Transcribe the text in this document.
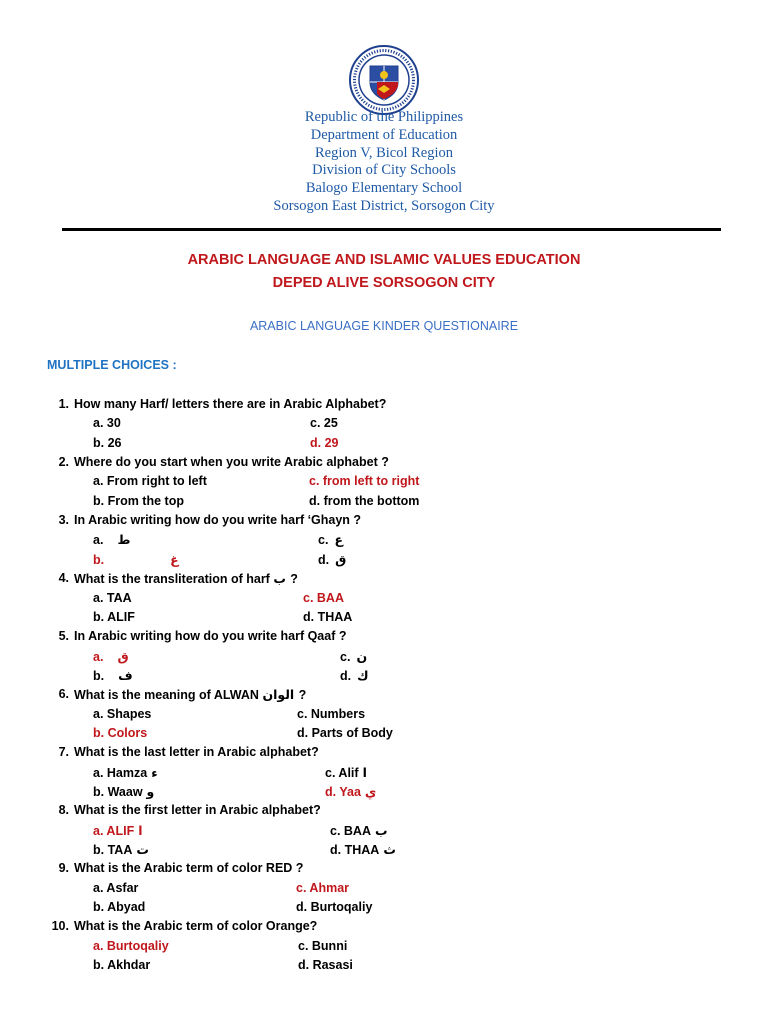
Republic of the Philippines
Department of Education
Region V, Bicol Region
Division of City Schools
Balogo Elementary School
Sorsogon East District, Sorsogon City
ARABIC LANGUAGE AND ISLAMIC VALUES EDUCATION
DEPED ALIVE SORSOGON CITY
ARABIC LANGUAGE KINDER QUESTIONAIRE
MULTIPLE CHOICES :
1. How many Harf/ letters there are in Arabic Alphabet?
a. 30	c. 25
b. 26	d. 29
2. Where do you start when you write Arabic alphabet ?
a. From right to left	c. from left to right
b. From the top	d. from the bottom
3. In Arabic writing how do you write harf ‘Ghayn ?
a. ط	c. ع
b.	غ	d. ق
4. What is the transliteration of harf ب ?
a. TAA	c. BAA
b. ALIF	d. THAA
5. In Arabic writing how do you write harf Qaaf ?
a. ق	c. ن
b. ف	d. ك
6. What is the meaning of ALWAN الوان ?
a. Shapes	c. Numbers
b. Colors	d. Parts of Body
7. What is the last letter in Arabic alphabet?
a. Hamza ء	c. Alif ا
b. Waaw و	d. Yaa ي
8. What is the first letter in Arabic alphabet?
a. ALIF ا	c. BAA ب
b. TAA ت	d. THAA ث
9. What is the Arabic term of color RED ?
a. Asfar	c. Ahmar
b. Abyad	d. Burtoqaliy
10. What is the Arabic term of color Orange?
a. Burtoqaliy	c. Bunni
b. Akhdar	d. Rasasi
